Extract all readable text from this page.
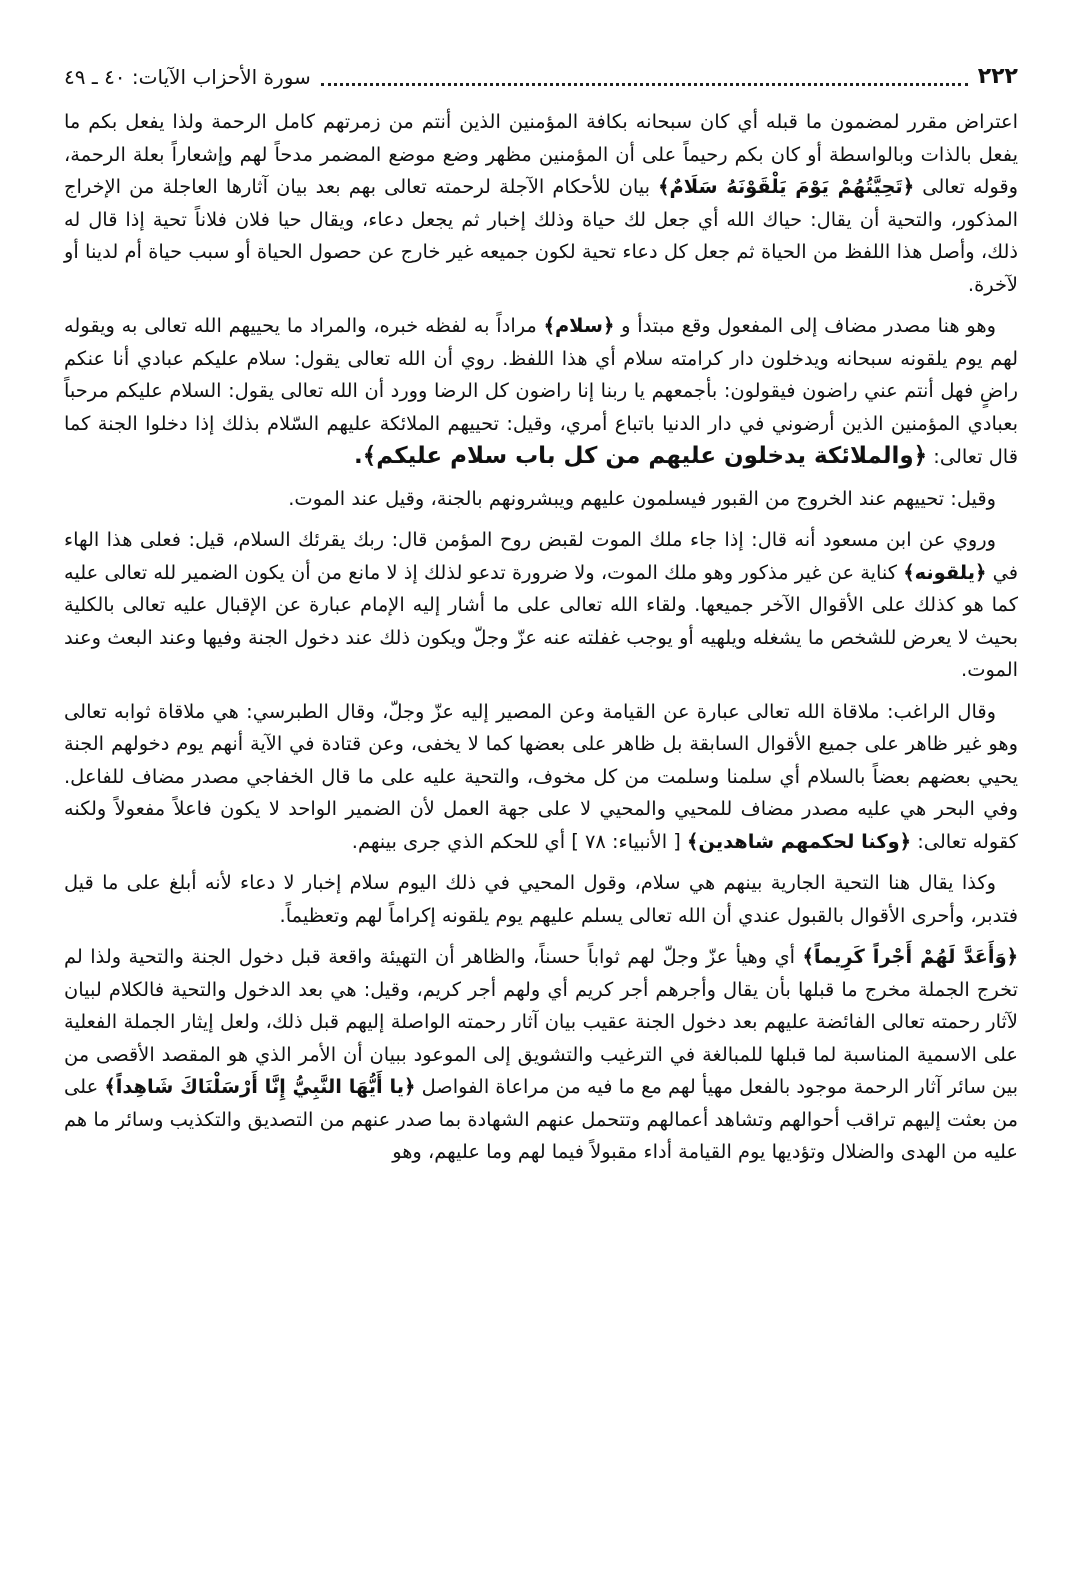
٢٢٢
سورة الأحزاب الآيات: ٤٠ ـ ٤٩

اعتراض مقرر لمضمون ما قبله أي كان سبحانه بكافة المؤمنين الذين أنتم من زمرتهم كامل الرحمة ولذا يفعل بكم ما يفعل بالذات وبالواسطة أو كان بكم رحيماً على أن المؤمنين مظهر وضع موضع المضمر مدحاً لهم وإشعاراً بعلة الرحمة، وقوله تعالى ﴿تَحِيَّتُهُمْ يَوْمَ يَلْقَوْنَهُ سَلَامٌ﴾ بيان للأحكام الآجلة لرحمته تعالى بهم بعد بيان آثارها العاجلة من الإخراج المذكور، والتحية أن يقال: حياك الله أي جعل لك حياة وذلك إخبار ثم يجعل دعاء، ويقال حيا فلان فلاناً تحية إذا قال له ذلك، وأصل هذا اللفظ من الحياة ثم جعل كل دعاء تحية لكون جميعه غير خارج عن حصول الحياة أو سبب حياة أم لدينا أو لآخرة.

وهو هنا مصدر مضاف إلى المفعول وقع مبتدأ و ﴿سلام﴾ مراداً به لفظه خبره، والمراد ما يحييهم الله تعالى به ويقوله لهم يوم يلقونه سبحانه ويدخلون دار كرامته سلام أي هذا اللفظ. روي أن الله تعالى يقول: سلام عليكم عبادي أنا عنكم راضٍ فهل أنتم عني راضون فيقولون: بأجمعهم يا ربنا إنا راضون كل الرضا وورد أن الله تعالى يقول: السلام عليكم مرحباً بعبادي المؤمنين الذين أرضوني في دار الدنيا باتباع أمري، وقيل: تحييهم الملائكة عليهم السّلام بذلك إذا دخلوا الجنة كما قال تعالى: ﴿والملائكة يدخلون عليهم من كل باب سلام عليكم﴾.

وقيل: تحييهم عند الخروج من القبور فيسلمون عليهم ويبشرونهم بالجنة، وقيل عند الموت.

وروي عن ابن مسعود أنه قال: إذا جاء ملك الموت لقبض روح المؤمن قال: ربك يقرئك السلام، قيل: فعلى هذا الهاء في ﴿يلقونه﴾ كناية عن غير مذكور وهو ملك الموت، ولا ضرورة تدعو لذلك إذ لا مانع من أن يكون الضمير لله تعالى عليه كما هو كذلك على الأقوال الآخر جميعها. ولقاء الله تعالى على ما أشار إليه الإمام عبارة عن الإقبال عليه تعالى بالكلية بحيث لا يعرض للشخص ما يشغله ويلهيه أو يوجب غفلته عنه عزّ وجلّ ويكون ذلك عند دخول الجنة وفيها وعند البعث وعند الموت.

وقال الراغب: ملاقاة الله تعالى عبارة عن القيامة وعن المصير إليه عزّ وجلّ، وقال الطبرسي: هي ملاقاة ثوابه تعالى وهو غير ظاهر على جميع الأقوال السابقة بل ظاهر على بعضها كما لا يخفى، وعن قتادة في الآية أنهم يوم دخولهم الجنة يحيي بعضهم بعضاً بالسلام أي سلمنا وسلمت من كل مخوف، والتحية عليه على ما قال الخفاجي مصدر مضاف للفاعل. وفي البحر هي عليه مصدر مضاف للمحيي والمحيي لا على جهة العمل لأن الضمير الواحد لا يكون فاعلاً مفعولاً ولكنه كقوله تعالى: ﴿وكنا لحكمهم شاهدين﴾ [ الأنبياء: ٧٨ ] أي للحكم الذي جرى بينهم.

وكذا يقال هنا التحية الجارية بينهم هي سلام، وقول المحيي في ذلك اليوم سلام إخبار لا دعاء لأنه أبلغ على ما قيل فتدبر، وأحرى الأقوال بالقبول عندي أن الله تعالى يسلم عليهم يوم يلقونه إكراماً لهم وتعظيماً.

﴿وَأَعَدَّ لَهُمْ أَجْراً كَرِيماً﴾ أي وهيأ عزّ وجلّ لهم ثواباً حسناً، والظاهر أن التهيئة واقعة قبل دخول الجنة والتحية ولذا لم تخرج الجملة مخرج ما قبلها بأن يقال وأجرهم أجر كريم أي ولهم أجر كريم، وقيل: هي بعد الدخول والتحية فالكلام لبيان لآثار رحمته تعالى الفائضة عليهم بعد دخول الجنة عقيب بيان آثار رحمته الواصلة إليهم قبل ذلك، ولعل إيثار الجملة الفعلية على الاسمية المناسبة لما قبلها للمبالغة في الترغيب والتشويق إلى الموعود ببيان أن الأمر الذي هو المقصد الأقصى من بين سائر آثار الرحمة موجود بالفعل مهيأ لهم مع ما فيه من مراعاة الفواصل ﴿يا أَيُّهَا النَّبِيُّ إِنَّا أَرْسَلْنَاكَ شَاهِداً﴾ على من بعثت إليهم تراقب أحوالهم وتشاهد أعمالهم وتتحمل عنهم الشهادة بما صدر عنهم من التصديق والتكذيب وسائر ما هم عليه من الهدى والضلال وتؤديها يوم القيامة أداء مقبولاً فيما لهم وما عليهم، وهو
